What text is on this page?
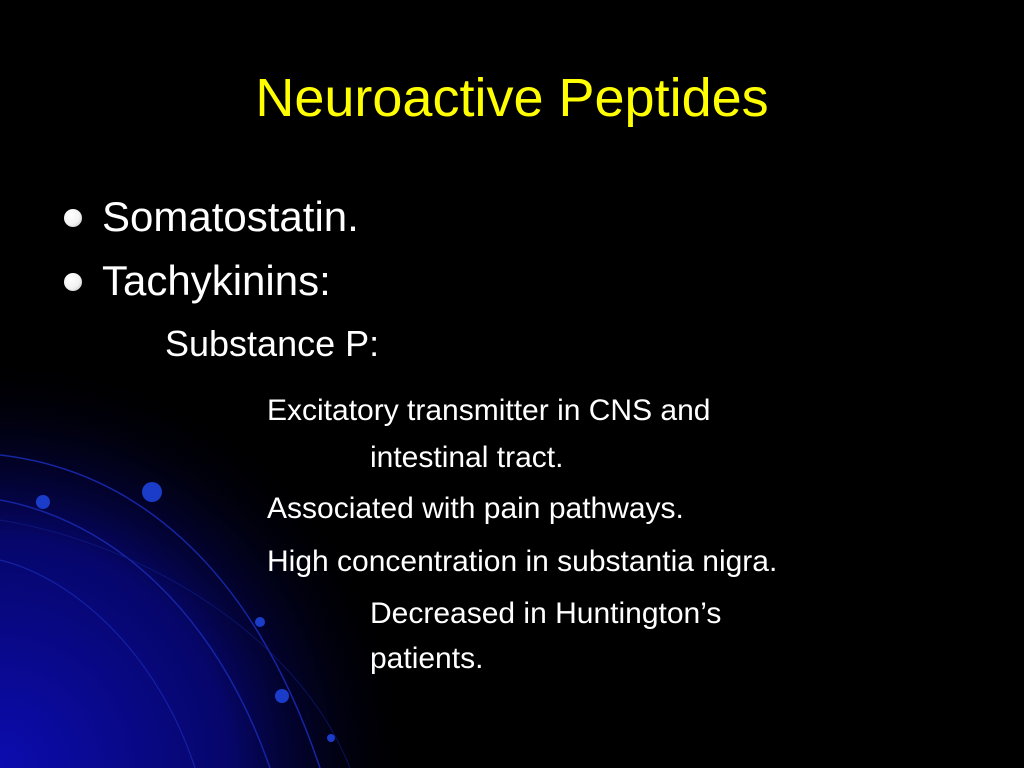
Neuroactive Peptides
Somatostatin.
Tachykinins:
Substance P:
Excitatory transmitter in CNS and
intestinal tract.
Associated with pain pathways.
High concentration in substantia nigra.
Decreased in Huntington’s
patients.
